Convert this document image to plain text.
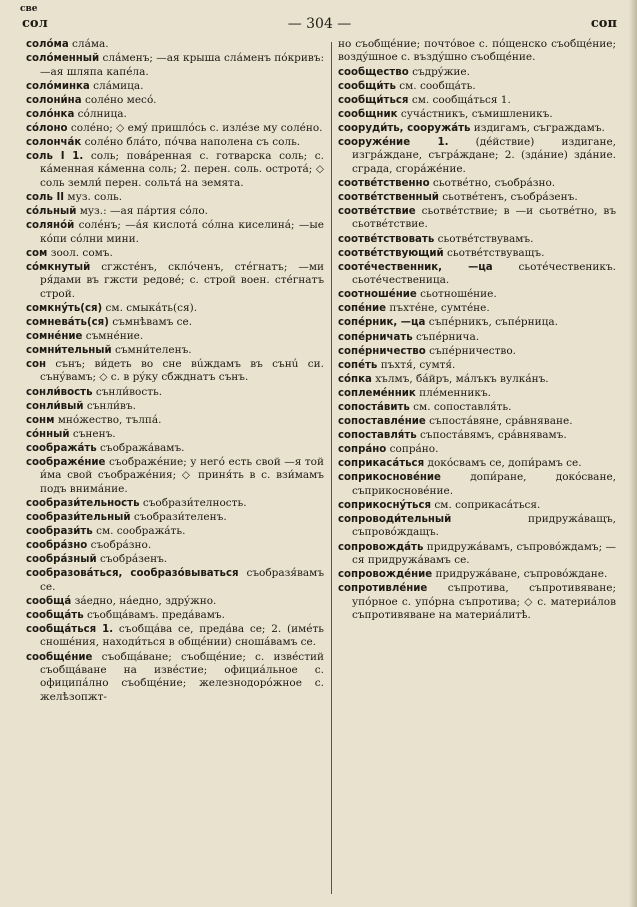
све
сол	— 304 —	соп
солóма слáма.
солóменный слáменъ; —ая крыша слáменъ пóкривъ: —ая шляпа капéла.
солóминка слáмица.
солони́на солéно месó.
солóнка сóлница.
сóлоно солéно; ◇ емý пришлóсь с. излéзе му солéно.
солончáк солéно блáто, пóчва наполена съ соль.
соль I 1. соль; повáренная с. готварска соль; с. кáменная кáменна соль; 2. перен. соль. остротá; ◇ соль земли́ перен. сольтá на земята.
соль II муз. соль.
сóльный муз.: —ая пáртия сóло.
солянóй солéнъ; —áя кислотá сóлна киселинá; —ые кóпи сóлни мини.
сом зоол. сомъ.
сóмкнутый сгжстéнъ, склóченъ, стéгнатъ; —ми ря́дами въ гжсти редовé; с. строй воен. стéгнатъ строй.
сомкнýть(ся) см. смыкáть(ся).
сомневáть(ся) съмнѣвамъ се.
сомнéние съмнéние.
сомни́тельный съмни́теленъ.
сон сънъ; ви́деть во сне вúждамъ въ сънú си. сънýвамъ; ◇ с. в рýку сбжднатъ сънъ.
сонли́вость сънли́вость.
сонли́вый сънли́въ.
сонм мнóжество, тълпá.
сóнный съненъ.
соображáть съображáвамъ.
соображéние съображéние; у негó есть свой —я той и́ма свой съображéния; ◇ приня́ть в с. взи́мамъ подъ внимáние.
сообрази́тельность съобрази́телность.
сообрази́тельный съобрази́теленъ.
сообрази́ть см. соображáть.
сообрáзно съобрáзно.
сообрáзный съобрáзенъ.
сообразовáться, сообразóвываться съобразя́вамъ се.
сообщá зáедно, нáедно, здрýжно.
сообщáть съобщáвамъ. предáвамъ.
сообщáться 1. съобщáва се, предáва се; 2. (имéть сношéния, находи́ться в общéнии) сношáвамъ се.
сообщéние съобщáване; съобщéние; с. извéстий съобщáване на извéстие; официáльное с. официпáлно съобщéние; железнодорóжное с. желѣзопжт-
но съобщéние; почтóвое с. пóщенско съобщéние; воздýшное с. въздýшно съобщéние.
сообщество съдрýжие.
сообщи́ть см. сообщáть.
сообщи́ться см. сообщáться 1.
сообщник сучáстникъ, съмишленикъ.
сооруди́ть, сооружáть издигамъ, съграждамъ.
сооружéние 1.	(дéйствие) издигане, изгрáждане, съгрáждане; 2. (здáние) здáние. сграда, сгорáжéние.
соотвéтственно сьотвéтно, съобрáзно.
соотвéтственный сьотвéтенъ, съобрáзенъ.
соотвéтствие сьотвéтствие; в —и сьотвéтно, въ сьотвéтствие.
соотвéтствовать сьотвéтствувамъ.
соотвéтствующий сьотвéтствуващъ.
соотéчественник, —ца сьотéчественикъ. сьотéчественица.
соотношéние сьотношéние.
сопéние пъхтéне, сумтéне.
сопéрник, —ца съпéрникъ, съпéрница.
сопéрничать съпéрнича.
сопéрничество съпéрничество.
сопéть пъхтя́, сумтя́.
сóпка хълмъ, бáйръ, мáлъкъ вулкáнъ.
соплемéнник плéменникъ.
сопостáвить см. сопоставля́ть.
сопоставлéние съпостáвяне, срáвняване.
сопоставля́ть съпостáвямъ, срáвнявамъ.
сопрáно сопрáно.
соприкасáться докóсвамъ се, допи́рамъ се.
соприкосновéние	допи́ране, докóсване, съприкосновéние.
соприкоснýться см. соприкасáться.
сопроводи́тельный	придружáващъ, съпровóждащъ.
сопровождáть придружáвамъ, съпровóждамъ; —ся придружáвамъ се.
сопровождéние придружáване, съпровóждане.
сопротивлéние съпротива, съпротивяване; упóрное с. упóрна съпротива; ◇ с. материáлов съпротивяване на материáлитѣ.
